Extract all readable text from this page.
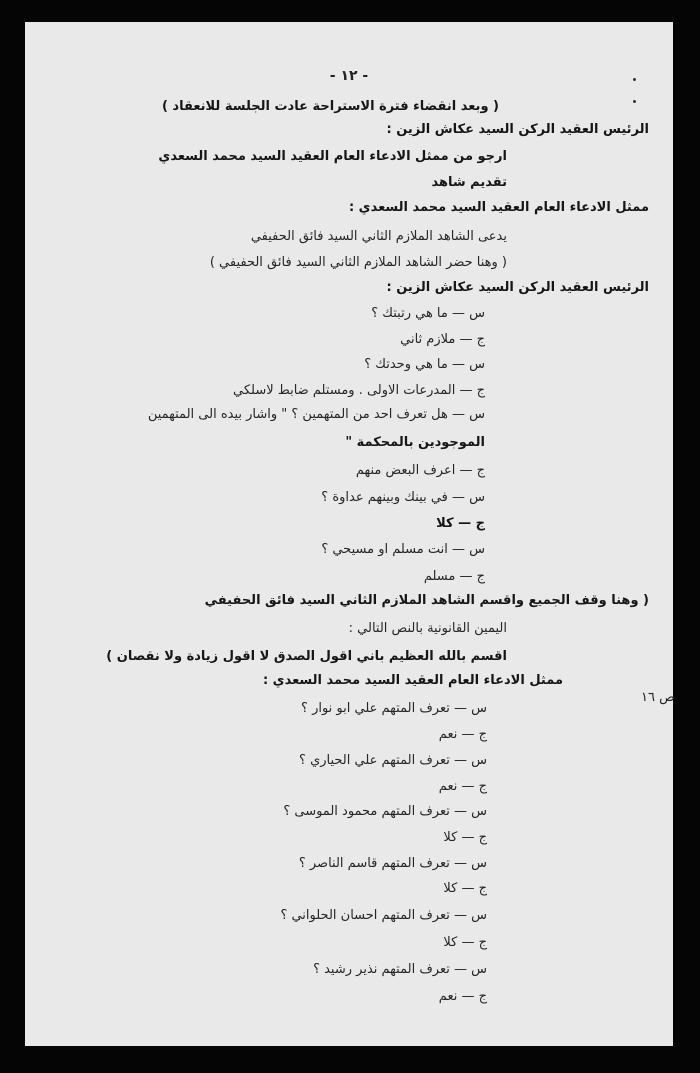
- ١٢ -
( وبعد انقضاء فترة الاستراحة عادت الجلسة للانعقاد )
الرئيس العقيد الركن السيد عكاش الزين :
ارجو من ممثل الادعاء العام العقيد السيد محمد السعدي
تقديم شاهد
ممثل الادعاء العام العقيد السيد محمد السعدي :
يدعى الشاهد الملازم الثاني السيد فائق الحفيفي
( وهنا حضر الشاهد الملازم الثاني السيد فائق الحفيفي )
الرئيس العقيد الركن السيد عكاش الزين :
س — ما هي رتبتك ؟
ج — ملازم ثاني
س — ما هي وحدتك ؟
ج — المدرعات الاولى . ومستلم ضابط لاسلكي
س — هل تعرف احد من المتهمين ؟ " واشار بيده الى المتهمين
الموجودين بالمحكمة "
ج — اعرف البعض منهم
س — في بينك وبينهم عداوة ؟
ج — كلا
س — انت مسلم او مسيحي ؟
ج — مسلم
( وهنا وقف الجميع واقسم الشاهد الملازم الثاني السيد فائق الحفيفي
اليمين القانونية بالنص التالي :
اقسم بالله العظيم باني اقول الصدق لا اقول زيادة ولا نقصان )
ممثل الادعاء العام العقيد السيد محمد السعدي :
س — تعرف المتهم علي ابو نوار ؟
ج — نعم
س — تعرف المتهم علي الحياري ؟
ج — نعم
س — تعرف المتهم محمود الموسى ؟
ج — كلا
س — تعرف المتهم قاسم الناصر ؟
ج — كلا
س — تعرف المتهم احسان الحلواني ؟
ج — كلا
س — تعرف المتهم نذير رشيد ؟
ج — نعم
ص ١٦
